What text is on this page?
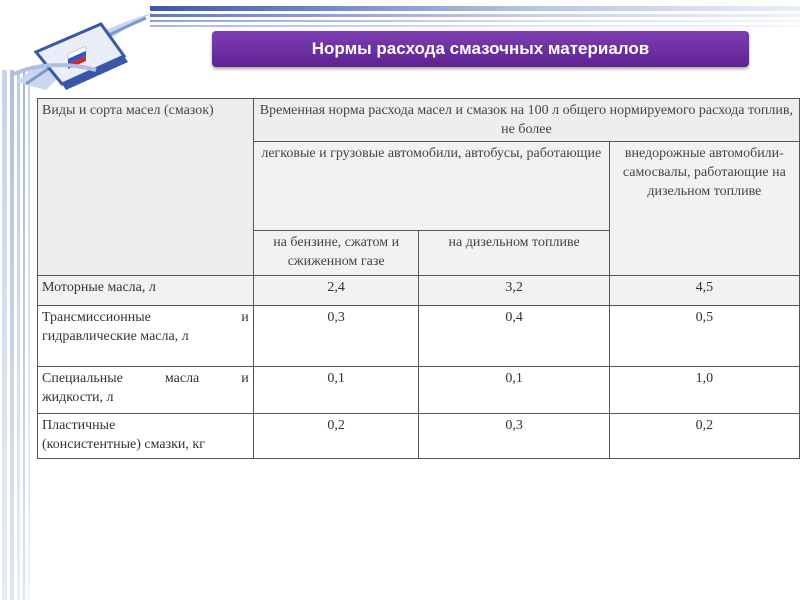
Нормы расхода смазочных материалов
Виды и сорта масел (смазок)	Временная норма расхода масел и смазок на 100 л общего нормируемого расхода топлив, не более		
	легковые и грузовые автомобили, автобусы, работающие		внедорожные автомобили-самосвалы, работающие на дизельном топливе
	на бензине, сжатом и сжиженном газе	на дизельном топливе	
Моторные масла, л	2,4	3,2	4,5

Трансмиссионные и
гидравлические масла, л	0,3	0,4	0,5

Специальные масла и
жидкости, л	0,1	0,1	1,0

Пластичные
(консистентные) смазки, кг	0,2	0,3	0,2
